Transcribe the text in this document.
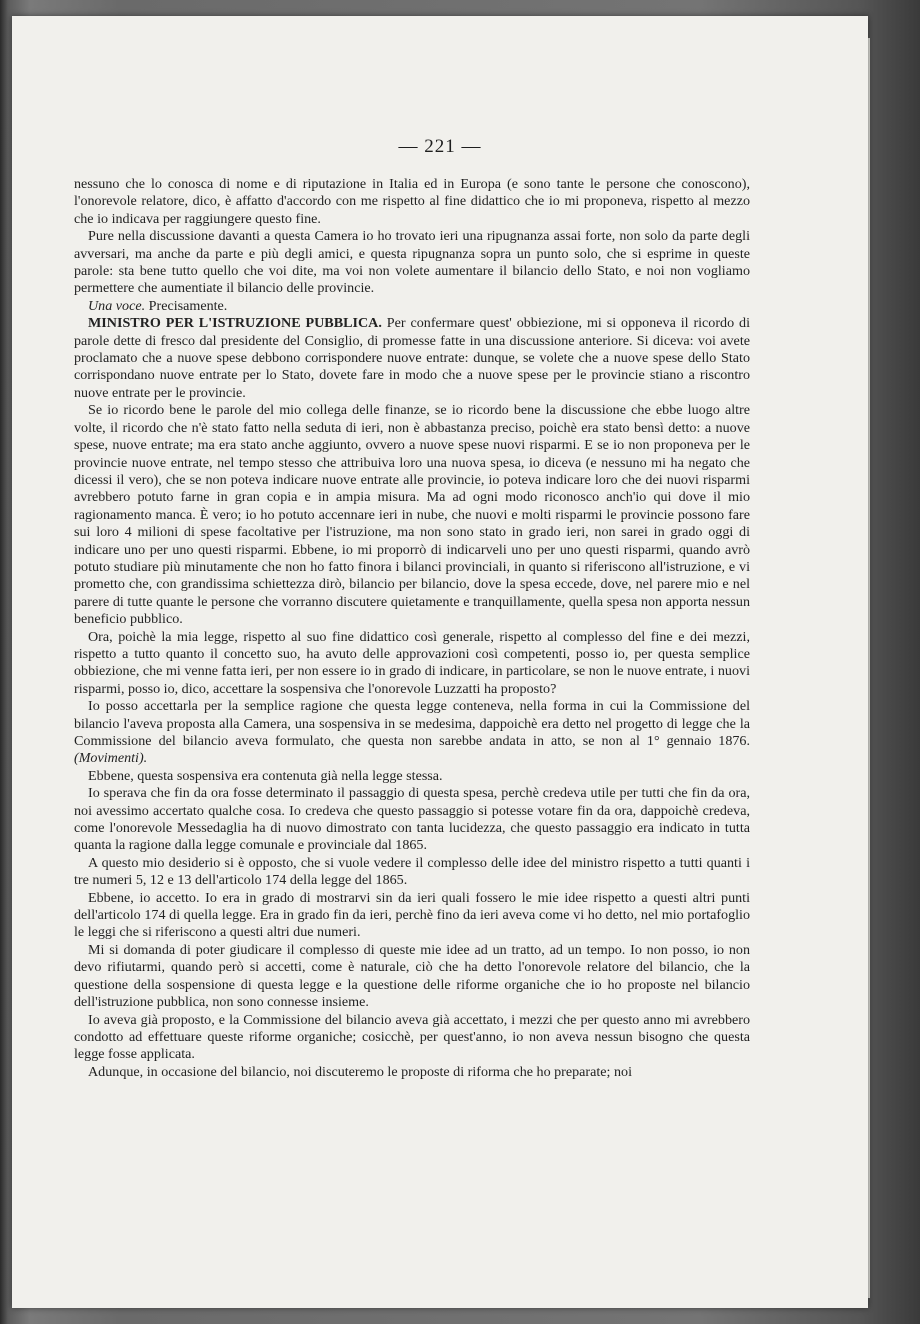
— 221 —

nessuno che lo conosca di nome e di riputazione in Italia ed in Europa (e sono tante le persone che conoscono), l'onorevole relatore, dico, è affatto d'accordo con me rispetto al fine didattico che io mi proponeva, rispetto al mezzo che io indicava per raggiungere questo fine.

Pure nella discussione davanti a questa Camera io ho trovato ieri una ripugnanza assai forte, non solo da parte degli avversari, ma anche da parte e più degli amici, e questa ripugnanza sopra un punto solo, che si esprime in queste parole: sta bene tutto quello che voi dite, ma voi non volete aumentare il bilancio dello Stato, e noi non vogliamo permettere che aumentiate il bilancio delle provincie.

Una voce. Precisamente.

MINISTRO PER L'ISTRUZIONE PUBBLICA. Per confermare quest' obbiezione, mi si opponeva il ricordo di parole dette di fresco dal presidente del Consiglio, di promesse fatte in una discussione anteriore. Si diceva: voi avete proclamato che a nuove spese debbono corrispondere nuove entrate: dunque, se volete che a nuove spese dello Stato corrispondano nuove entrate per lo Stato, dovete fare in modo che a nuove spese per le provincie stiano a riscontro nuove entrate per le provincie.

Se io ricordo bene le parole del mio collega delle finanze, se io ricordo bene la discussione che ebbe luogo altre volte, il ricordo che n'è stato fatto nella seduta di ieri, non è abbastanza preciso, poichè era stato bensì detto: a nuove spese, nuove entrate; ma era stato anche aggiunto, ovvero a nuove spese nuovi risparmi. E se io non proponeva per le provincie nuove entrate, nel tempo stesso che attribuiva loro una nuova spesa, io diceva (e nessuno mi ha negato che dicessi il vero), che se non poteva indicare nuove entrate alle provincie, io poteva indicare loro che dei nuovi risparmi avrebbero potuto farne in gran copia e in ampia misura. Ma ad ogni modo riconosco anch'io qui dove il mio ragionamento manca. È vero; io ho potuto accennare ieri in nube, che nuovi e molti risparmi le provincie possono fare sui loro 4 milioni di spese facoltative per l'istruzione, ma non sono stato in grado ieri, non sarei in grado oggi di indicare uno per uno questi risparmi. Ebbene, io mi proporrò di indicarveli uno per uno questi risparmi, quando avrò potuto studiare più minutamente che non ho fatto finora i bilanci provinciali, in quanto si riferiscono all'istruzione, e vi prometto che, con grandissima schiettezza dirò, bilancio per bilancio, dove la spesa eccede, dove, nel parere mio e nel parere di tutte quante le persone che vorranno discutere quietamente e tranquillamente, quella spesa non apporta nessun beneficio pubblico.

Ora, poichè la mia legge, rispetto al suo fine didattico così generale, rispetto al complesso del fine e dei mezzi, rispetto a tutto quanto il concetto suo, ha avuto delle approvazioni così competenti, posso io, per questa semplice obbiezione, che mi venne fatta ieri, per non essere io in grado di indicare, in particolare, se non le nuove entrate, i nuovi risparmi, posso io, dico, accettare la sospensiva che l'onorevole Luzzatti ha proposto?

Io posso accettarla per la semplice ragione che questa legge conteneva, nella forma in cui la Commissione del bilancio l'aveva proposta alla Camera, una sospensiva in se medesima, dappoichè era detto nel progetto di legge che la Commissione del bilancio aveva formulato, che questa non sarebbe andata in atto, se non al 1° gennaio 1876. (Movimenti).

Ebbene, questa sospensiva era contenuta già nella legge stessa.

Io sperava che fin da ora fosse determinato il passaggio di questa spesa, perchè credeva utile per tutti che fin da ora, noi avessimo accertato qualche cosa. Io credeva che questo passaggio si potesse votare fin da ora, dappoichè credeva, come l'onorevole Messedaglia ha di nuovo dimostrato con tanta lucidezza, che questo passaggio era indicato in tutta quanta la ragione dalla legge comunale e provinciale dal 1865.

A questo mio desiderio si è opposto, che si vuole vedere il complesso delle idee del ministro rispetto a tutti quanti i tre numeri 5, 12 e 13 dell'articolo 174 della legge del 1865.

Ebbene, io accetto. Io era in grado di mostrarvi sin da ieri quali fossero le mie idee rispetto a questi altri punti dell'articolo 174 di quella legge. Era in grado fin da ieri, perchè fino da ieri aveva come vi ho detto, nel mio portafoglio le leggi che si riferiscono a questi altri due numeri.

Mi si domanda di poter giudicare il complesso di queste mie idee ad un tratto, ad un tempo. Io non posso, io non devo rifiutarmi, quando però si accetti, come è naturale, ciò che ha detto l'onorevole relatore del bilancio, che la questione della sospensione di questa legge e la questione delle riforme organiche che io ho proposte nel bilancio dell'istruzione pubblica, non sono connesse insieme.

Io aveva già proposto, e la Commissione del bilancio aveva già accettato, i mezzi che per questo anno mi avrebbero condotto ad effettuare queste riforme organiche; cosicchè, per quest'anno, io non aveva nessun bisogno che questa legge fosse applicata.

Adunque, in occasione del bilancio, noi discuteremo le proposte di riforma che ho preparate; noi
